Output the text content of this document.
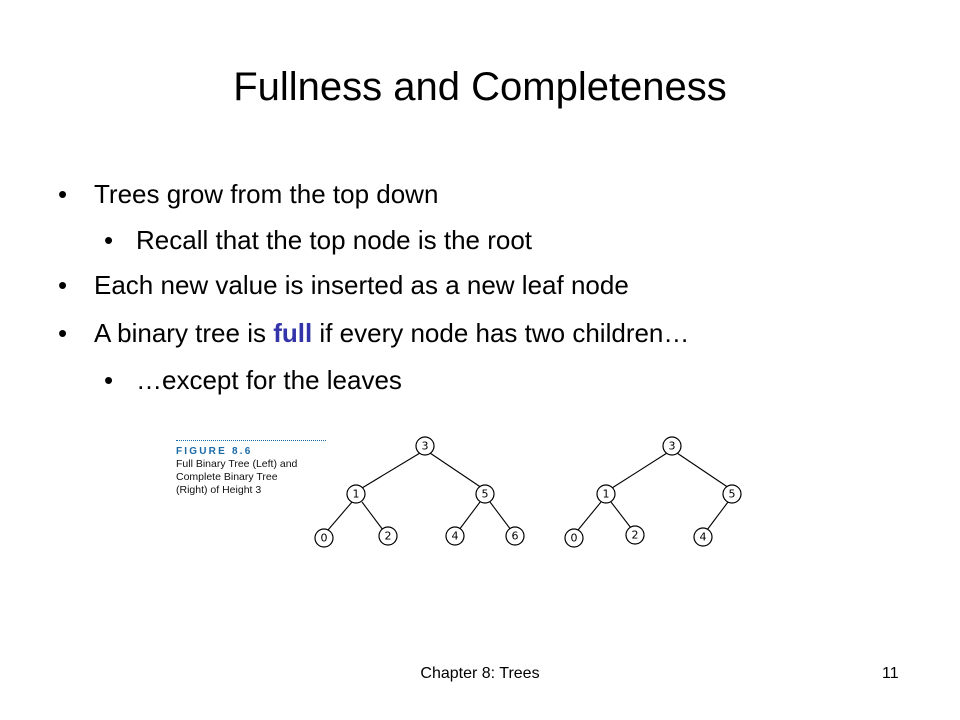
Fullness and Completeness
• Trees grow from the top down
• Recall that the top node is the root
• Each new value is inserted as a new leaf node
• A binary tree is full if every node has two children…
• …except for the leaves
FIGURE 8.6
Full Binary Tree (Left) and
Complete Binary Tree
(Right) of Height 3
3
1	5
0	2	4	6
3
1	5
0	2	4
Chapter 8: Trees	11
